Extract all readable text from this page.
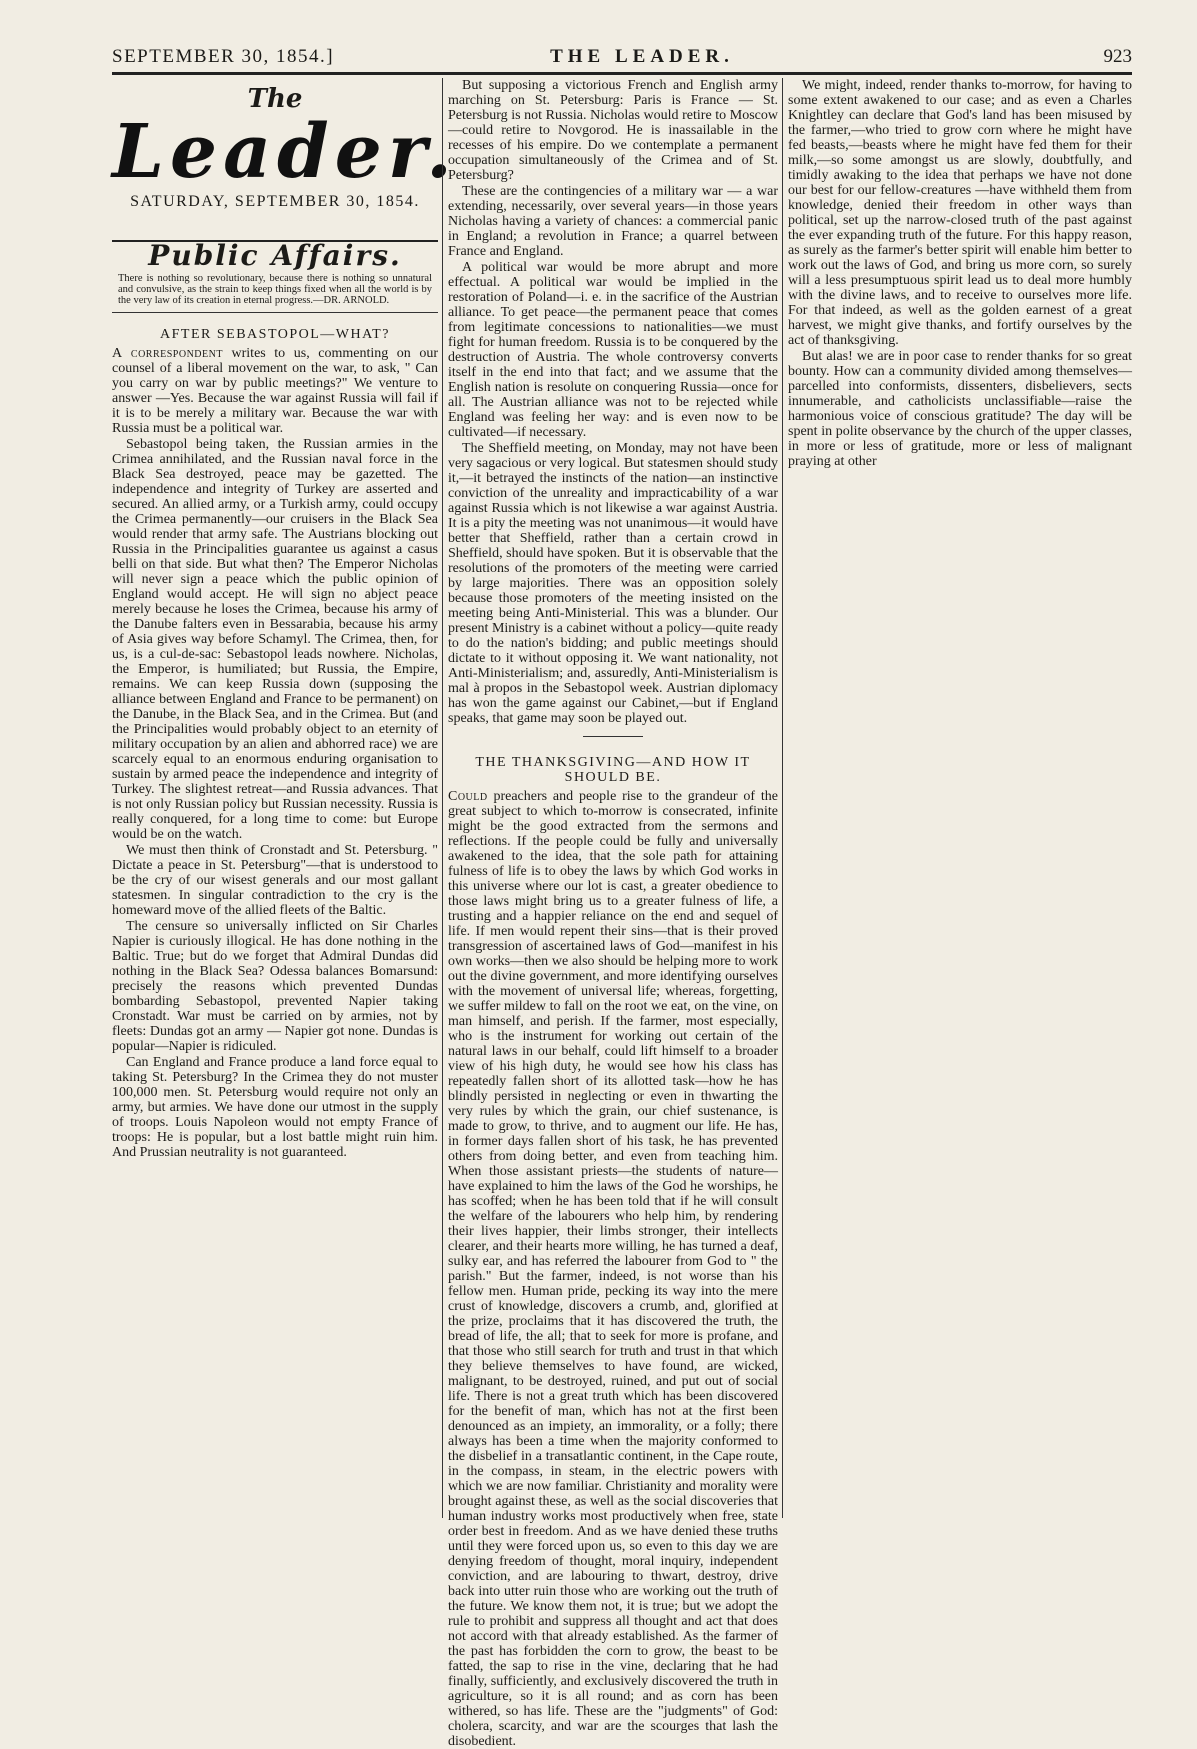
SEPTEMBER 30, 1854.]	THE LEADER.	923
The
Leader.
SATURDAY, SEPTEMBER 30, 1854.
Public Affairs.
There is nothing so revolutionary, because there is nothing so unnatural and convulsive, as the strain to keep things fixed when all the world is by the very law of its creation in eternal progress.—DR. ARNOLD.
AFTER SEBASTOPOL—WHAT?

A correspondent writes to us, commenting on our counsel of a liberal movement on the war, to ask, " Can you carry on war by public meetings?" We venture to answer —Yes. Because the war against Russia will fail if it is to be merely a military war. Because the war with Russia must be a political war.

Sebastopol being taken, the Russian armies in the Crimea annihilated, and the Russian naval force in the Black Sea destroyed, peace may be gazetted. The independence and integrity of Turkey are asserted and secured. An allied army, or a Turkish army, could occupy the Crimea permanently—our cruisers in the Black Sea would render that army safe. The Austrians blocking out Russia in the Principalities guarantee us against a casus belli on that side. But what then? The Emperor Nicholas will never sign a peace which the public opinion of England would accept. He will sign no abject peace merely because he loses the Crimea, because his army of the Danube falters even in Bessarabia, because his army of Asia gives way before Schamyl. The Crimea, then, for us, is a cul-de-sac: Sebastopol leads nowhere. Nicholas, the Emperor, is humiliated; but Russia, the Empire, remains. We can keep Russia down (supposing the alliance between England and France to be permanent) on the Danube, in the Black Sea, and in the Crimea. But (and the Principalities would probably object to an eternity of military occupation by an alien and abhorred race) we are scarcely equal to an enormous enduring organisation to sustain by armed peace the independence and integrity of Turkey. The slightest retreat—and Russia advances. That is not only Russian policy but Russian necessity. Russia is really conquered, for a long time to come: but Europe would be on the watch.

We must then think of Cronstadt and St. Petersburg. " Dictate a peace in St. Petersburg"—that is understood to be the cry of our wisest generals and our most gallant statesmen. In singular contradiction to the cry is the homeward move of the allied fleets of the Baltic.

The censure so universally inflicted on Sir Charles Napier is curiously illogical. He has done nothing in the Baltic. True; but do we forget that Admiral Dundas did nothing in the Black Sea? Odessa balances Bomarsund: precisely the reasons which prevented Dundas bombarding Sebastopol, prevented Napier taking Cronstadt. War must be carried on by armies, not by fleets: Dundas got an army — Napier got none. Dundas is popular—Napier is ridiculed.

Can England and France produce a land force equal to taking St. Petersburg? In the Crimea they do not muster 100,000 men. St. Petersburg would require not only an army, but armies. We have done our utmost in the supply of troops. Louis Napoleon would not empty France of troops: He is popular, but a lost battle might ruin him. And Prussian neutrality is not guaranteed.

But supposing a victorious French and English army marching on St. Petersburg: Paris is France — St. Petersburg is not Russia. Nicholas would retire to Moscow—could retire to Novgorod. He is inassailable in the recesses of his empire. Do we contemplate a permanent occupation simultaneously of the Crimea and of St. Petersburg?

These are the contingencies of a military war — a war extending, necessarily, over several years—in those years Nicholas having a variety of chances: a commercial panic in England; a revolution in France; a quarrel between France and England.

A political war would be more abrupt and more effectual. A political war would be implied in the restoration of Poland—i. e. in the sacrifice of the Austrian alliance. To get peace—the permanent peace that comes from legitimate concessions to nationalities—we must fight for human freedom. Russia is to be conquered by the destruction of Austria. The whole controversy converts itself in the end into that fact; and we assume that the English nation is resolute on conquering Russia—once for all. The Austrian alliance was not to be rejected while England was feeling her way: and is even now to be cultivated—if necessary.

The Sheffield meeting, on Monday, may not have been very sagacious or very logical. But statesmen should study it,—it betrayed the instincts of the nation—an instinctive conviction of the unreality and impracticability of a war against Russia which is not likewise a war against Austria. It is a pity the meeting was not unanimous—it would have better that Sheffield, rather than a certain crowd in Sheffield, should have spoken. But it is observable that the resolutions of the promoters of the meeting were carried by large majorities. There was an opposition solely because those promoters of the meeting insisted on the meeting being Anti-Ministerial. This was a blunder. Our present Ministry is a cabinet without a policy—quite ready to do the nation's bidding; and public meetings should dictate to it without opposing it. We want nationality, not Anti-Ministerialism; and, assuredly, Anti-Ministerialism is mal à propos in the Sebastopol week. Austrian diplomacy has won the game against our Cabinet,—but if England speaks, that game may soon be played out.

THE THANKSGIVING—AND HOW IT SHOULD BE.

Could preachers and people rise to the grandeur of the great subject to which to-morrow is consecrated, infinite might be the good extracted from the sermons and reflections. If the people could be fully and universally awakened to the idea, that the sole path for attaining fulness of life is to obey the laws by which God works in this universe where our lot is cast, a greater obedience to those laws might bring us to a greater fulness of life, a trusting and a happier reliance on the end and sequel of life. If men would repent their sins—that is their proved transgression of ascertained laws of God—manifest in his own works—then we also should be helping more to work out the divine government, and more identifying ourselves with the movement of universal life; whereas, forgetting, we suffer mildew to fall on the root we eat, on the vine, on man himself, and perish. If the farmer, most especially, who is the instrument for working out certain of the natural laws in our behalf, could lift himself to a broader view of his high duty, he would see how his class has repeatedly fallen short of its allotted task—how he has blindly persisted in neglecting or even in thwarting the very rules by which the grain, our chief sustenance, is made to grow, to thrive, and to augment our life. He has, in former days fallen short of his task, he has prevented others from doing better, and even from teaching him. When those assistant priests—the students of nature—have explained to him the laws of the God he worships, he has scoffed; when he has been told that if he will consult the welfare of the labourers who help him, by rendering their lives happier, their limbs stronger, their intellects clearer, and their hearts more willing, he has turned a deaf, sulky ear, and has referred the labourer from God to " the parish." But the farmer, indeed, is not worse than his fellow men. Human pride, pecking its way into the mere crust of knowledge, discovers a crumb, and, glorified at the prize, proclaims that it has discovered the truth, the bread of life, the all; that to seek for more is profane, and that those who still search for truth and trust in that which they believe themselves to have found, are wicked, malignant, to be destroyed, ruined, and put out of social life. There is not a great truth which has been discovered for the benefit of man, which has not at the first been denounced as an impiety, an immorality, or a folly; there always has been a time when the majority conformed to the disbelief in a transatlantic continent, in the Cape route, in the compass, in steam, in the electric powers with which we are now familiar. Christianity and morality were brought against these, as well as the social discoveries that human industry works most productively when free, state order best in freedom. And as we have denied these truths until they were forced upon us, so even to this day we are denying freedom of thought, moral inquiry, independent conviction, and are labouring to thwart, destroy, drive back into utter ruin those who are working out the truth of the future. We know them not, it is true; but we adopt the rule to prohibit and suppress all thought and act that does not accord with that already established. As the farmer of the past has forbidden the corn to grow, the beast to be fatted, the sap to rise in the vine, declaring that he had finally, sufficiently, and exclusively discovered the truth in agriculture, so it is all round; and as corn has been withered, so has life. These are the "judgments" of God: cholera, scarcity, and war are the scourges that lash the disobedient.

We might, indeed, render thanks to-morrow, for having to some extent awakened to our case; and as even a Charles Knightley can declare that God's land has been misused by the farmer,—who tried to grow corn where he might have fed beasts,—beasts where he might have fed them for their milk,—so some amongst us are slowly, doubtfully, and timidly awaking to the idea that perhaps we have not done our best for our fellow-creatures —have withheld them from knowledge, denied their freedom in other ways than political, set up the narrow-closed truth of the past against the ever expanding truth of the future. For this happy reason, as surely as the farmer's better spirit will enable him better to work out the laws of God, and bring us more corn, so surely will a less presumptuous spirit lead us to deal more humbly with the divine laws, and to receive to ourselves more life. For that indeed, as well as the golden earnest of a great harvest, we might give thanks, and fortify ourselves by the act of thanksgiving.

But alas! we are in poor case to render thanks for so great bounty. How can a community divided among themselves—parcelled into conformists, dissenters, disbelievers, sects innumerable, and catholicists unclassifiable—raise the harmonious voice of conscious gratitude? The day will be spent in polite observance by the church of the upper classes, in more or less of gratitude, more or less of malignant praying at other
